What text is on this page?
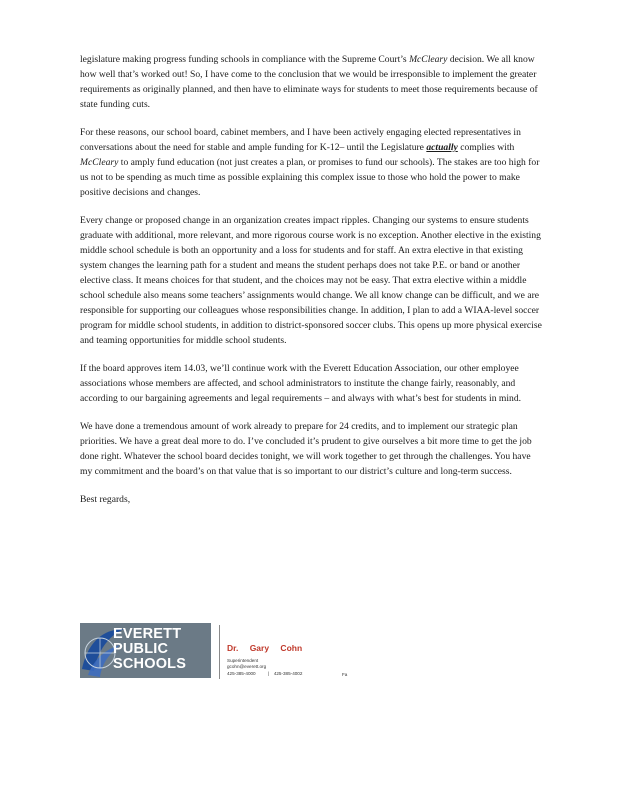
legislature making progress funding schools in compliance with the Supreme Court’s McCleary decision. We all know how well that’s worked out! So, I have come to the conclusion that we would be irresponsible to implement the greater requirements as originally planned, and then have to eliminate ways for students to meet those requirements because of state funding cuts.

For these reasons, our school board, cabinet members, and I have been actively engaging elected representatives in conversations about the need for stable and ample funding for K-12– until the Legislature actually complies with McCleary to amply fund education (not just creates a plan, or promises to fund our schools). The stakes are too high for us not to be spending as much time as possible explaining this complex issue to those who hold the power to make positive decisions and changes.

Every change or proposed change in an organization creates impact ripples. Changing our systems to ensure students graduate with additional, more relevant, and more rigorous course work is no exception. Another elective in the existing middle school schedule is both an opportunity and a loss for students and for staff. An extra elective in that existing system changes the learning path for a student and means the student perhaps does not take P.E. or band or another elective class. It means choices for that student, and the choices may not be easy. That extra elective within a middle school schedule also means some teachers’ assignments would change. We all know change can be difficult, and we are responsible for supporting our colleagues whose responsibilities change. In addition, I plan to add a WIAA-level soccer program for middle school students, in addition to district-sponsored soccer clubs. This opens up more physical exercise and teaming opportunities for middle school students.

If the board approves item 14.03, we’ll continue work with the Everett Education Association, our other employee associations whose members are affected, and school administrators to institute the change fairly, reasonably, and according to our bargaining agreements and legal requirements – and always with what’s best for students in mind.

We have done a tremendous amount of work already to prepare for 24 credits, and to implement our strategic plan priorities. We have a great deal more to do. I’ve concluded it’s prudent to give ourselves a bit more time to get the job done right. Whatever the school board decides tonight, we will work together to get through the challenges. You have my commitment and the board’s on that value that is so important to our district’s culture and long-term success.

Best regards,

EVERETT
PUBLIC
SCHOOLS
Dr. Gary Cohn
Superintendent
gcohn@everett.org
425-385-4000	| 425-385-4002	Fa
